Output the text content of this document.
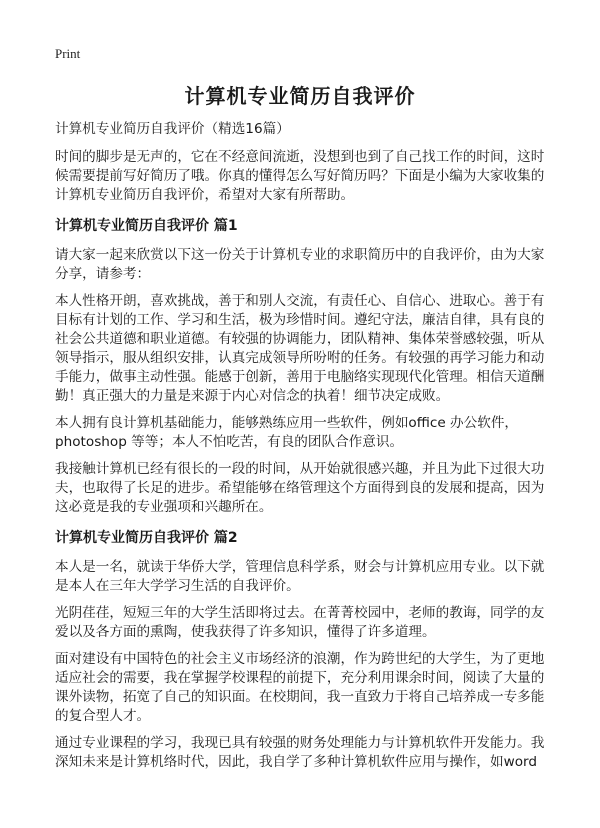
Print
计算机专业简历自我评价

计算机专业简历自我评价（精选16篇）

时间的脚步是无声的，它在不经意间流逝，没想到也到了自己找工作的时间，这时候需要提前写好简历了哦。你真的懂得怎么写好简历吗？下面是小编为大家收集的计算机专业简历自我评价，希望对大家有所帮助。

计算机专业简历自我评价 篇1

请大家一起来欣赏以下这一份关于计算机专业的求职简历中的自我评价，由为大家分享，请参考：

本人性格开朗，喜欢挑战，善于和别人交流，有责任心、自信心、进取心。善于有目标有计划的工作、学习和生活，极为珍惜时间。遵纪守法，廉洁自律，具有良的社会公共道德和职业道德。有较强的协调能力，团队精神、集体荣誉感较强，听从领导指示，服从组织安排，认真完成领导所吩咐的任务。有较强的再学习能力和动手能力，做事主动性强。能感于创新，善用于电脑络实现现代化管理。相信天道酬勤！真正强大的力量是来源于内心对信念的执着！细节决定成败。

本人拥有良计算机基础能力，能够熟练应用一些软件，例如office 办公软件，photoshop 等等；本人不怕吃苦，有良的团队合作意识。

我接触计算机已经有很长的一段的时间，从开始就很感兴趣，并且为此下过很大功夫，也取得了长足的进步。希望能够在络管理这个方面得到良的发展和提高，因为这必竟是我的专业强项和兴趣所在。

计算机专业简历自我评价 篇2

本人是一名，就读于华侨大学，管理信息科学系，财会与计算机应用专业。以下就是本人在三年大学学习生活的自我评价。

光阴荏荏，短短三年的大学生活即将过去。在菁菁校园中，老师的教诲，同学的友爱以及各方面的熏陶，使我获得了许多知识，懂得了许多道理。

面对建设有中国特色的社会主义市场经济的浪潮，作为跨世纪的大学生，为了更地适应社会的需要，我在掌握学校课程的前提下，充分利用课余时间，阅读了大量的课外读物，拓宽了自己的知识面。在校期间，我一直致力于将自己培养成一专多能的复合型人才。

通过专业课程的学习，我现已具有较强的财务处理能力与计算机软件开发能力。我深知未来是计算机络时代，因此，我自学了多种计算机软件应用与操作，如word
